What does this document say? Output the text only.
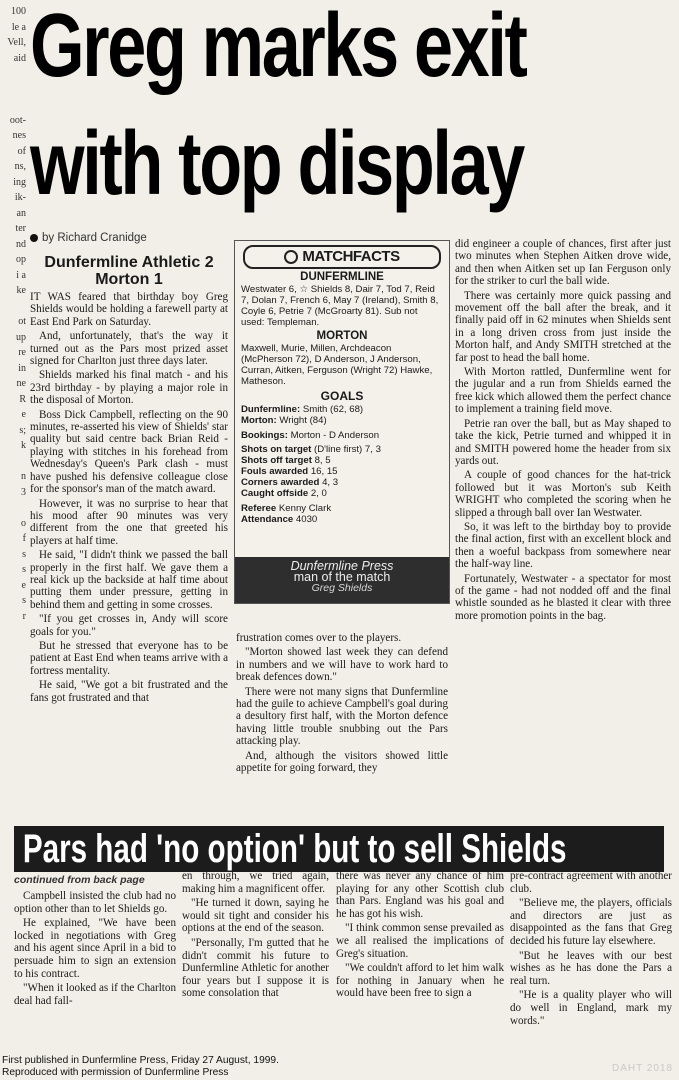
100
le a
Vell,
aid
oot-
nes
of
ns,
ing
ik-
an
ter
nd
op
i a
ke
ot
up
re
in
ne
R
e
s;
k
n
3
o
f
s
s
e
s
r
Greg marks exit
with top display
by Richard Cranidge
Dunfermline Athletic 2
Morton 1

IT WAS feared that birthday boy Greg Shields would be holding a farewell party at East End Park on Saturday.

And, unfortunately, that's the way it turned out as the Pars most prized asset signed for Charlton just three days later.

Shields marked his final match - and his 23rd birthday - by playing a major role in the disposal of Morton.

Boss Dick Campbell, reflecting on the 90 minutes, re-asserted his view of Shields' star quality but said centre back Brian Reid - playing with stitches in his forehead from Wednesday's Queen's Park clash - must have pushed his defensive colleague close for the sponsor's man of the match award.

However, it was no surprise to hear that his mood after 90 minutes was very different from the one that greeted his players at half time.

He said, "I didn't think we passed the ball properly in the first half. We gave them a real kick up the backside at half time about putting them under pressure, getting in behind them and getting in some crosses.

"If you get crosses in, Andy will score goals for you."

But he stressed that everyone has to be patient at East End when teams arrive with a fortress mentality.

He said, "We got a bit frustrated and the fans got frustrated and that

MATCHFACTS
DUNFERMLINE
Westwater 6, ☆ Shields 8, Dair 7, Tod 7, Reid 7, Dolan 7, French 6, May 7 (Ireland), Smith 8, Coyle 6, Petrie 7 (McGroarty 81). Sub not used: Templeman.
MORTON
Maxwell, Murie, Millen, Archdeacon (McPherson 72), D Anderson, J Anderson, Curran, Aitken, Ferguson (Wright 72) Hawke, Matheson.
GOALS
Dunfermline: Smith (62, 68)
Morton: Wright (84)
Bookings: Morton - D Anderson
Shots on target (D'line first) 7, 3
Shots off target 8, 5
Fouls awarded 16, 15
Corners awarded 4, 3
Caught offside 2, 0
Referee Kenny Clark
Attendance 4030
Dunfermline Press
man of the match
Greg Shields

frustration comes over to the players.

"Morton showed last week they can defend in numbers and we will have to work hard to break defences down."

There were not many signs that Dunfermline had the guile to achieve Campbell's goal during a desultory first half, with the Morton defence having little trouble snubbing out the Pars attacking play.

And, although the visitors showed little appetite for going forward, they

did engineer a couple of chances, first after just two minutes when Stephen Aitken drove wide, and then when Aitken set up Ian Ferguson only for the striker to curl the ball wide.

There was certainly more quick passing and movement off the ball after the break, and it finally paid off in 62 minutes when Shields sent in a long driven cross from just inside the Morton half, and Andy SMITH stretched at the far post to head the ball home.

With Morton rattled, Dunfermline went for the jugular and a run from Shields earned the free kick which allowed them the perfect chance to implement a training field move.

Petrie ran over the ball, but as May shaped to take the kick, Petrie turned and whipped it in and SMITH powered home the header from six yards out.

A couple of good chances for the hat-trick followed but it was Morton's sub Keith WRIGHT who completed the scoring when he slipped a through ball over Ian Westwater.

So, it was left to the birthday boy to provide the final action, first with an excellent block and then a woeful backpass from somewhere near the half-way line.

Fortunately, Westwater - a spectator for most of the game - had not nodded off and the final whistle sounded as he blasted it clear with three more promotion points in the bag.

Pars had 'no option' but to sell Shields
continued from back page

Campbell insisted the club had no option other than to let Shields go.

He explained, "We have been locked in negotiations with Greg and his agent since April in a bid to persuade him to sign an extension to his contract.

"When it looked as if the Charlton deal had fall-

en through, we tried again, making him a magnificent offer.

"He turned it down, saying he would sit tight and consider his options at the end of the season.

"Personally, I'm gutted that he didn't commit his future to Dunfermline Athletic for another four years but I suppose it is some consolation that

there was never any chance of him playing for any other Scottish club than Pars. England was his goal and he has got his wish.

"I think common sense prevailed as we all realised the implications of Greg's situation.

"We couldn't afford to let him walk for nothing in January when he would have been free to sign a

pre-contract agreement with another club.

"Believe me, the players, officials and directors are just as disappointed as the fans that Greg decided his future lay elsewhere.

"But he leaves with our best wishes as he has done the Pars a real turn.

"He is a quality player who will do well in England, mark my words."

First published in Dunfermline Press, Friday 27 August, 1999.
Reproduced with permission of Dunfermline Press	DAHT 2018
